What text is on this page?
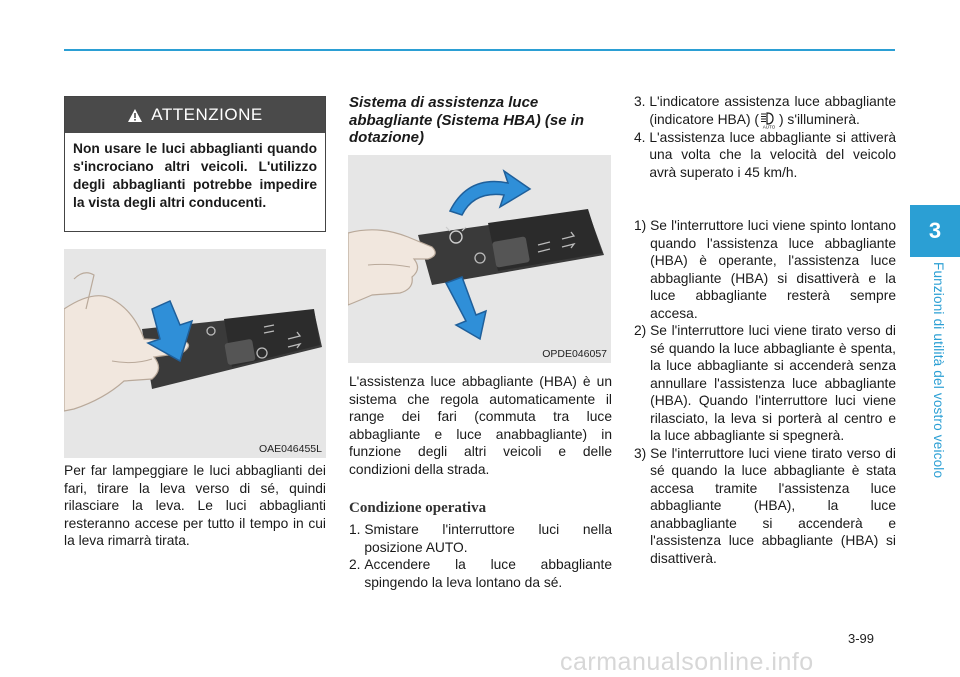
ATTENZIONE
Non usare le luci abbaglianti quando s'incrociano altri veicoli. L'utilizzo degli abbaglianti potrebbe impedire la vista degli altri conducenti.
OAE046455L
Per far lampeggiare le luci abbaglianti dei fari, tirare la leva verso di sé, quindi rilasciare la leva. Le luci abbaglianti resteranno accese per tutto il tempo in cui la leva rimarrà tirata.
Sistema di assistenza luce abbagliante (Sistema HBA) (se in dotazione)
OPDE046057
L'assistenza luce abbagliante (HBA) è un sistema che regola automaticamente il range dei fari (commuta tra luce abbagliante e luce anabbagliante) in funzione degli altri veicoli e delle condizioni della strada.
Condizione operativa
1. Smistare l'interruttore luci nella posizione AUTO.
2. Accendere la luce abbagliante spingendo la leva lontano da sé.
3. L'indicatore assistenza luce abbagliante (indicatore HBA) (
AUTO
) s'illuminerà.
4. L'assistenza luce abbagliante si attiverà una volta che la velocità del veicolo avrà superato i 45 km/h.
1) Se l'interruttore luci viene spinto lontano quando l'assistenza luce abbagliante (HBA) è operante, l'assistenza luce abbagliante (HBA) si disattiverà e la luce abbagliante resterà sempre accesa.
2) Se l'interruttore luci viene tirato verso di sé quando la luce abbagliante è spenta, la luce abbagliante si accenderà senza annullare l'assistenza luce abbagliante (HBA). Quando l'interruttore luci viene rilasciato, la leva si porterà al centro e la luce abbagliante si spegnerà.
3) Se l'interruttore luci viene tirato verso di sé quando la luce abbagliante è stata accesa tramite l'assistenza luce abbagliante (HBA), la luce anabbagliante si accenderà e l'assistenza luce abbagliante (HBA) si disattiverà.
3
Funzioni di utilità del vostro veicolo
3-99
carmanualsonline.info
